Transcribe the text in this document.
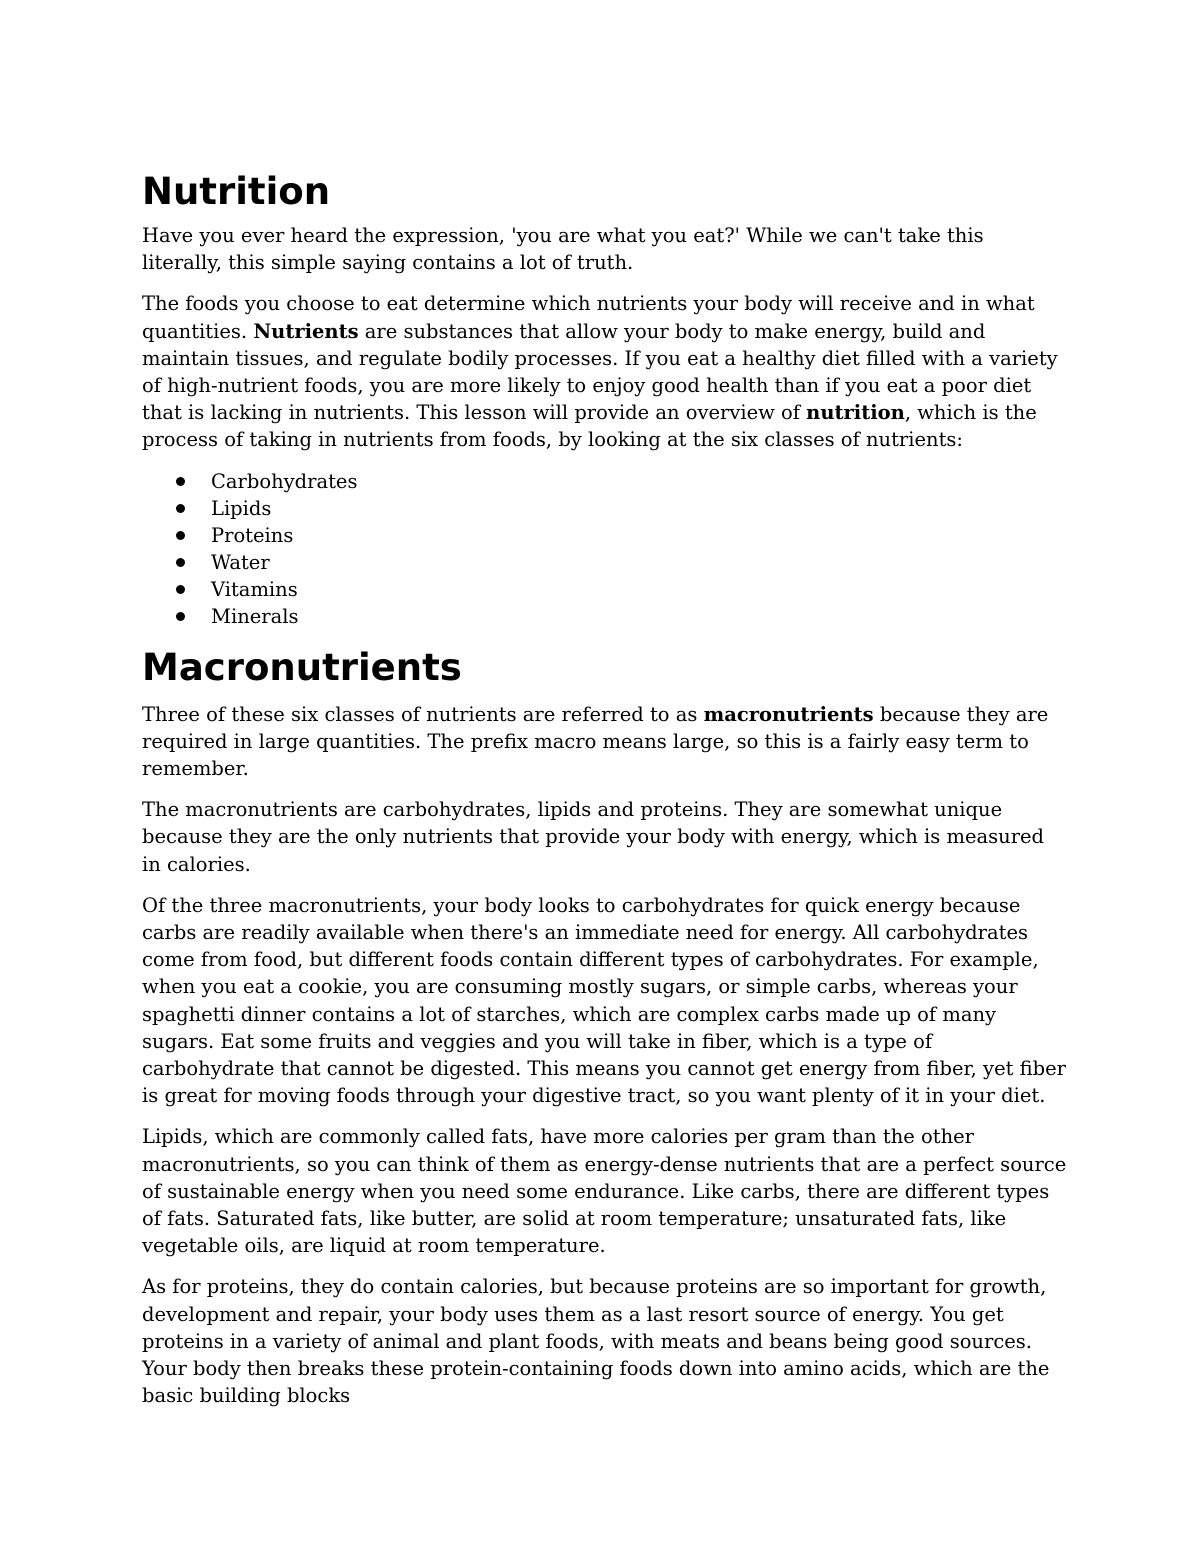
Nutrition

Have you ever heard the expression, 'you are what you eat?' While we can't take this literally, this simple saying contains a lot of truth.

The foods you choose to eat determine which nutrients your body will receive and in what quantities. Nutrients are substances that allow your body to make energy, build and maintain tissues, and regulate bodily processes. If you eat a healthy diet filled with a variety of high-nutrient foods, you are more likely to enjoy good health than if you eat a poor diet that is lacking in nutrients. This lesson will provide an overview of nutrition, which is the process of taking in nutrients from foods, by looking at the six classes of nutrients:

Carbohydrates
Lipids
Proteins
Water
Vitamins
Minerals
Macronutrients

Three of these six classes of nutrients are referred to as macronutrients because they are required in large quantities. The prefix macro means large, so this is a fairly easy term to remember.

The macronutrients are carbohydrates, lipids and proteins. They are somewhat unique because they are the only nutrients that provide your body with energy, which is measured in calories.

Of the three macronutrients, your body looks to carbohydrates for quick energy because carbs are readily available when there's an immediate need for energy. All carbohydrates come from food, but different foods contain different types of carbohydrates. For example, when you eat a cookie, you are consuming mostly sugars, or simple carbs, whereas your spaghetti dinner contains a lot of starches, which are complex carbs made up of many sugars. Eat some fruits and veggies and you will take in fiber, which is a type of carbohydrate that cannot be digested. This means you cannot get energy from fiber, yet fiber is great for moving foods through your digestive tract, so you want plenty of it in your diet.

Lipids, which are commonly called fats, have more calories per gram than the other macronutrients, so you can think of them as energy-dense nutrients that are a perfect source of sustainable energy when you need some endurance. Like carbs, there are different types of fats. Saturated fats, like butter, are solid at room temperature; unsaturated fats, like vegetable oils, are liquid at room temperature.

As for proteins, they do contain calories, but because proteins are so important for growth, development and repair, your body uses them as a last resort source of energy. You get proteins in a variety of animal and plant foods, with meats and beans being good sources. Your body then breaks these protein-containing foods down into amino acids, which are the basic building blocks
